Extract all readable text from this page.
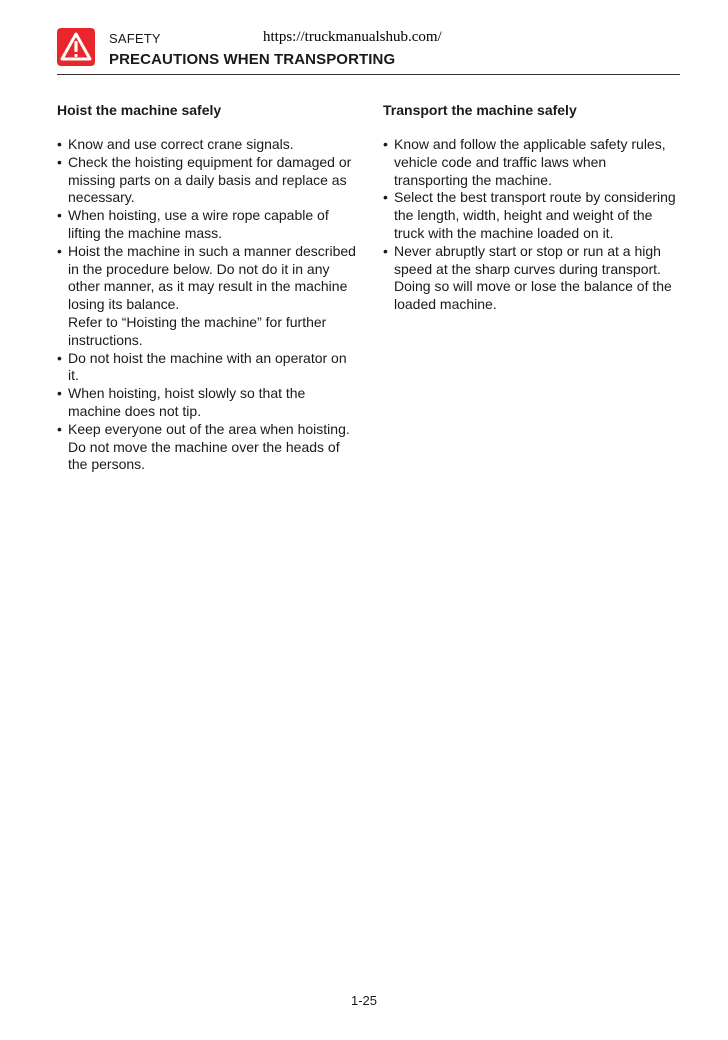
SAFETY	https://truckmanualshub.com/
PRECAUTIONS WHEN TRANSPORTING
Hoist the machine safely
• Know and use correct crane signals.
• Check the hoisting equipment for damaged or missing parts on a daily basis and replace as necessary.
• When hoisting, use a wire rope capable of lifting the machine mass.
• Hoist the machine in such a manner described in the procedure below. Do not do it in any other manner, as it may result in the machine losing its balance.
Refer to “Hoisting the machine” for further instructions.
• Do not hoist the machine with an operator on it.
• When hoisting, hoist slowly so that the machine does not tip.
• Keep everyone out of the area when hoisting. Do not move the machine over the heads of the persons.
Transport the machine safely
• Know and follow the applicable safety rules, vehicle code and traffic laws when transporting the machine.
• Select the best transport route by considering the length, width, height and weight of the truck with the machine loaded on it.
• Never abruptly start or stop or run at a high speed at the sharp curves during transport. Doing so will move or lose the balance of the loaded machine.
1-25
